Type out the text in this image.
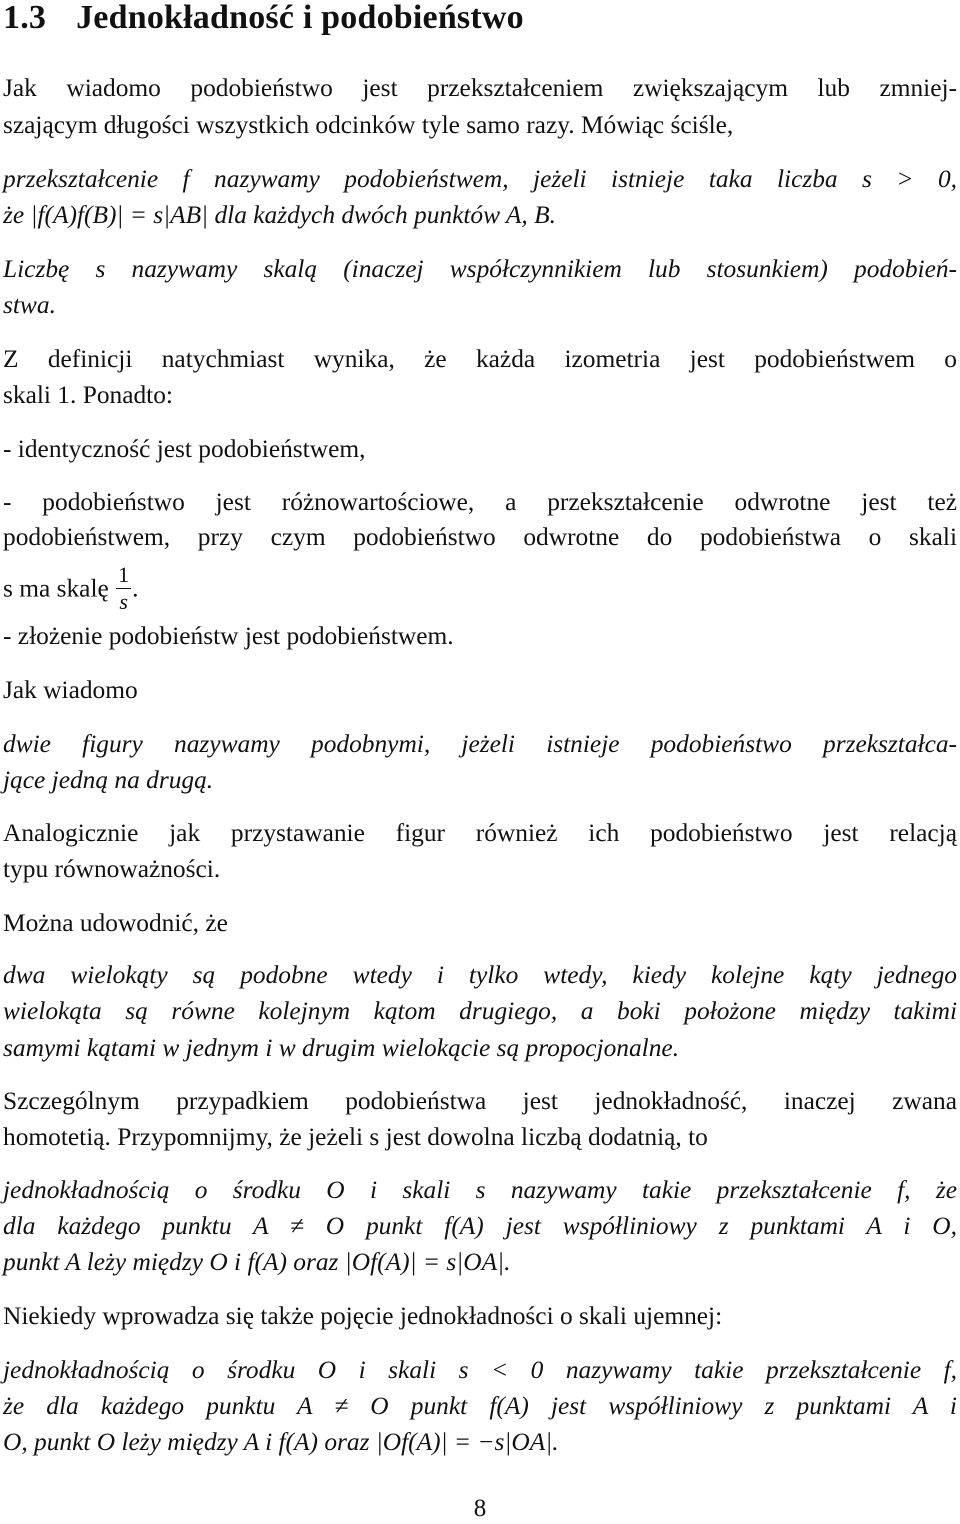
1.3 Jednokładność i podobieństwo

Jak wiadomo podobieństwo jest przekształceniem zwiększającym lub zmniej-

szającym długości wszystkich odcinków tyle samo razy. Mówiąc ściśle,

przekształcenie f nazywamy podobieństwem, jeżeli istnieje taka liczba s > 0,

że |f(A)f(B)| = s|AB| dla każdych dwóch punktów A, B.

Liczbę s nazywamy skalą (inaczej współczynnikiem lub stosunkiem) podobień-

stwa.

Z definicji natychmiast wynika, że każda izometria jest podobieństwem o

skali 1. Ponadto:

- identyczność jest podobieństwem,

- podobieństwo jest różnowartościowe, a przekształcenie odwrotne jest też

podobieństwem, przy czym podobieństwo odwrotne do podobieństwa o skali

s ma skalę $\frac{1}{s}$ .

- złożenie podobieństw jest podobieństwem.

Jak wiadomo

dwie figury nazywamy podobnymi, jeżeli istnieje podobieństwo przekształca-

jące jedną na drugą.

Analogicznie jak przystawanie figur również ich podobieństwo jest relacją

typu równoważności.

Można udowodnić, że

dwa wielokąty są podobne wtedy i tylko wtedy, kiedy kolejne kąty jednego

wielokąta są równe kolejnym kątom drugiego, a boki położone między takimi

samymi kątami w jednym i w drugim wielokącie są propocjonalne.

Szczególnym przypadkiem podobieństwa jest jednokładność, inaczej zwana

homotetią. Przypomnijmy, że jeżeli s jest dowolna liczbą dodatnią, to

jednokładnością o środku O i skali s nazywamy takie przekształcenie f, że

dla każdego punktu A ≠ O punkt f(A) jest współliniowy z punktami A i O,

punkt A leży między O i f(A) oraz |Of(A)| = s|OA|.

Niekiedy wprowadza się także pojęcie jednokładności o skali ujemnej:

jednokładnością o środku O i skali s < 0 nazywamy takie przekształcenie f,

że dla każdego punktu A ≠ O punkt f(A) jest współliniowy z punktami A i

O, punkt O leży między A i f(A) oraz |Of(A)| = −s|OA|.

8
